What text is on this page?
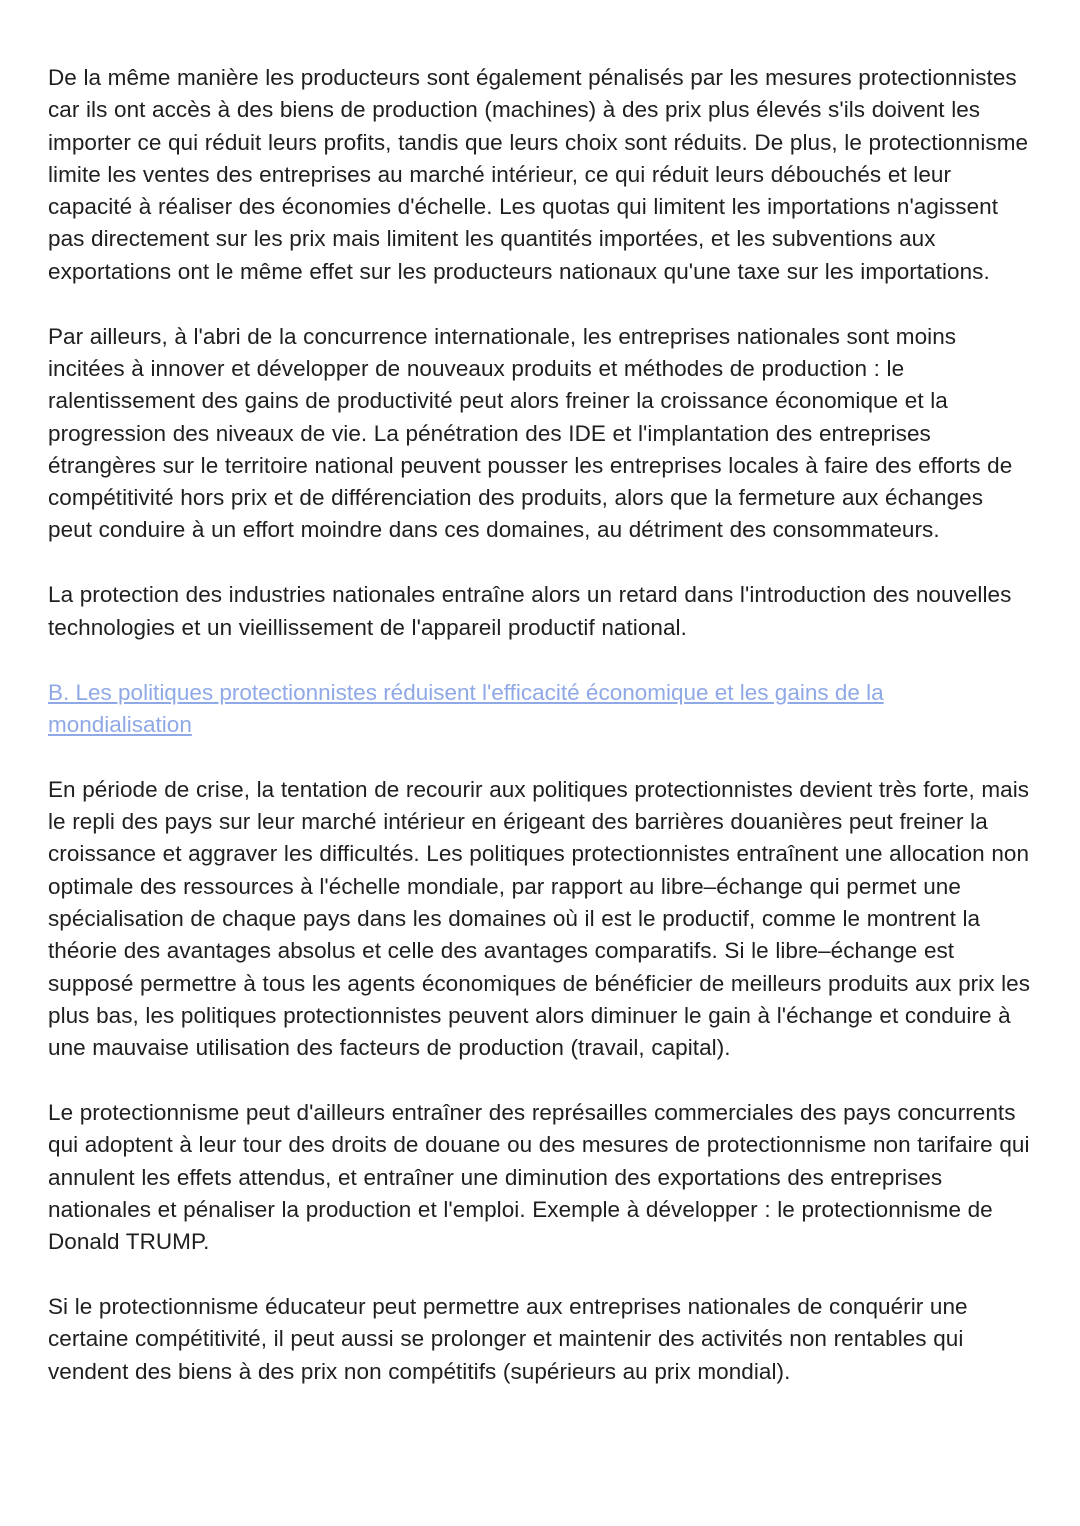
De la même manière les producteurs sont également pénalisés par les mesures protectionnistes car ils ont accès à des biens de production (machines) à des prix plus élevés s'ils doivent les importer ce qui réduit leurs profits, tandis que leurs choix sont réduits. De plus, le protectionnisme limite les ventes des entreprises au marché intérieur, ce qui réduit leurs débouchés et leur capacité à réaliser des économies d'échelle. Les quotas qui limitent les importations n'agissent pas directement sur les prix mais limitent les quantités importées, et les subventions aux exportations ont le même effet sur les producteurs nationaux qu'une taxe sur les importations.

Par ailleurs, à l'abri de la concurrence internationale, les entreprises nationales sont moins incitées à innover et développer de nouveaux produits et méthodes de production : le ralentissement des gains de productivité peut alors freiner la croissance économique et la progression des niveaux de vie. La pénétration des IDE et l'implantation des entreprises étrangères sur le territoire national peuvent pousser les entreprises locales à faire des efforts de compétitivité hors prix et de différenciation des produits, alors que la fermeture aux échanges peut conduire à un effort moindre dans ces domaines, au détriment des consommateurs.

La protection des industries nationales entraîne alors un retard dans l'introduction des nouvelles technologies et un vieillissement de l'appareil productif national.

B. Les politiques protectionnistes réduisent l'efficacité économique et les gains de la mondialisation

En période de crise, la tentation de recourir aux politiques protectionnistes devient très forte, mais le repli des pays sur leur marché intérieur en érigeant des barrières douanières peut freiner la croissance et aggraver les difficultés. Les politiques protectionnistes entraînent une allocation non optimale des ressources à l'échelle mondiale, par rapport au libre–échange qui permet une spécialisation de chaque pays dans les domaines où il est le productif, comme le montrent la théorie des avantages absolus et celle des avantages comparatifs. Si le libre–échange est supposé permettre à tous les agents économiques de bénéficier de meilleurs produits aux prix les plus bas, les politiques protectionnistes peuvent alors diminuer le gain à l'échange et conduire à une mauvaise utilisation des facteurs de production (travail, capital).

Le protectionnisme peut d'ailleurs entraîner des représailles commerciales des pays concurrents qui adoptent à leur tour des droits de douane ou des mesures de protectionnisme non tarifaire qui annulent les effets attendus, et entraîner une diminution des exportations des entreprises nationales et pénaliser la production et l'emploi. Exemple à développer : le protectionnisme de Donald TRUMP.

Si le protectionnisme éducateur peut permettre aux entreprises nationales de conquérir une certaine compétitivité, il peut aussi se prolonger et maintenir des activités non rentables qui vendent des biens à des prix non compétitifs (supérieurs au prix mondial).
